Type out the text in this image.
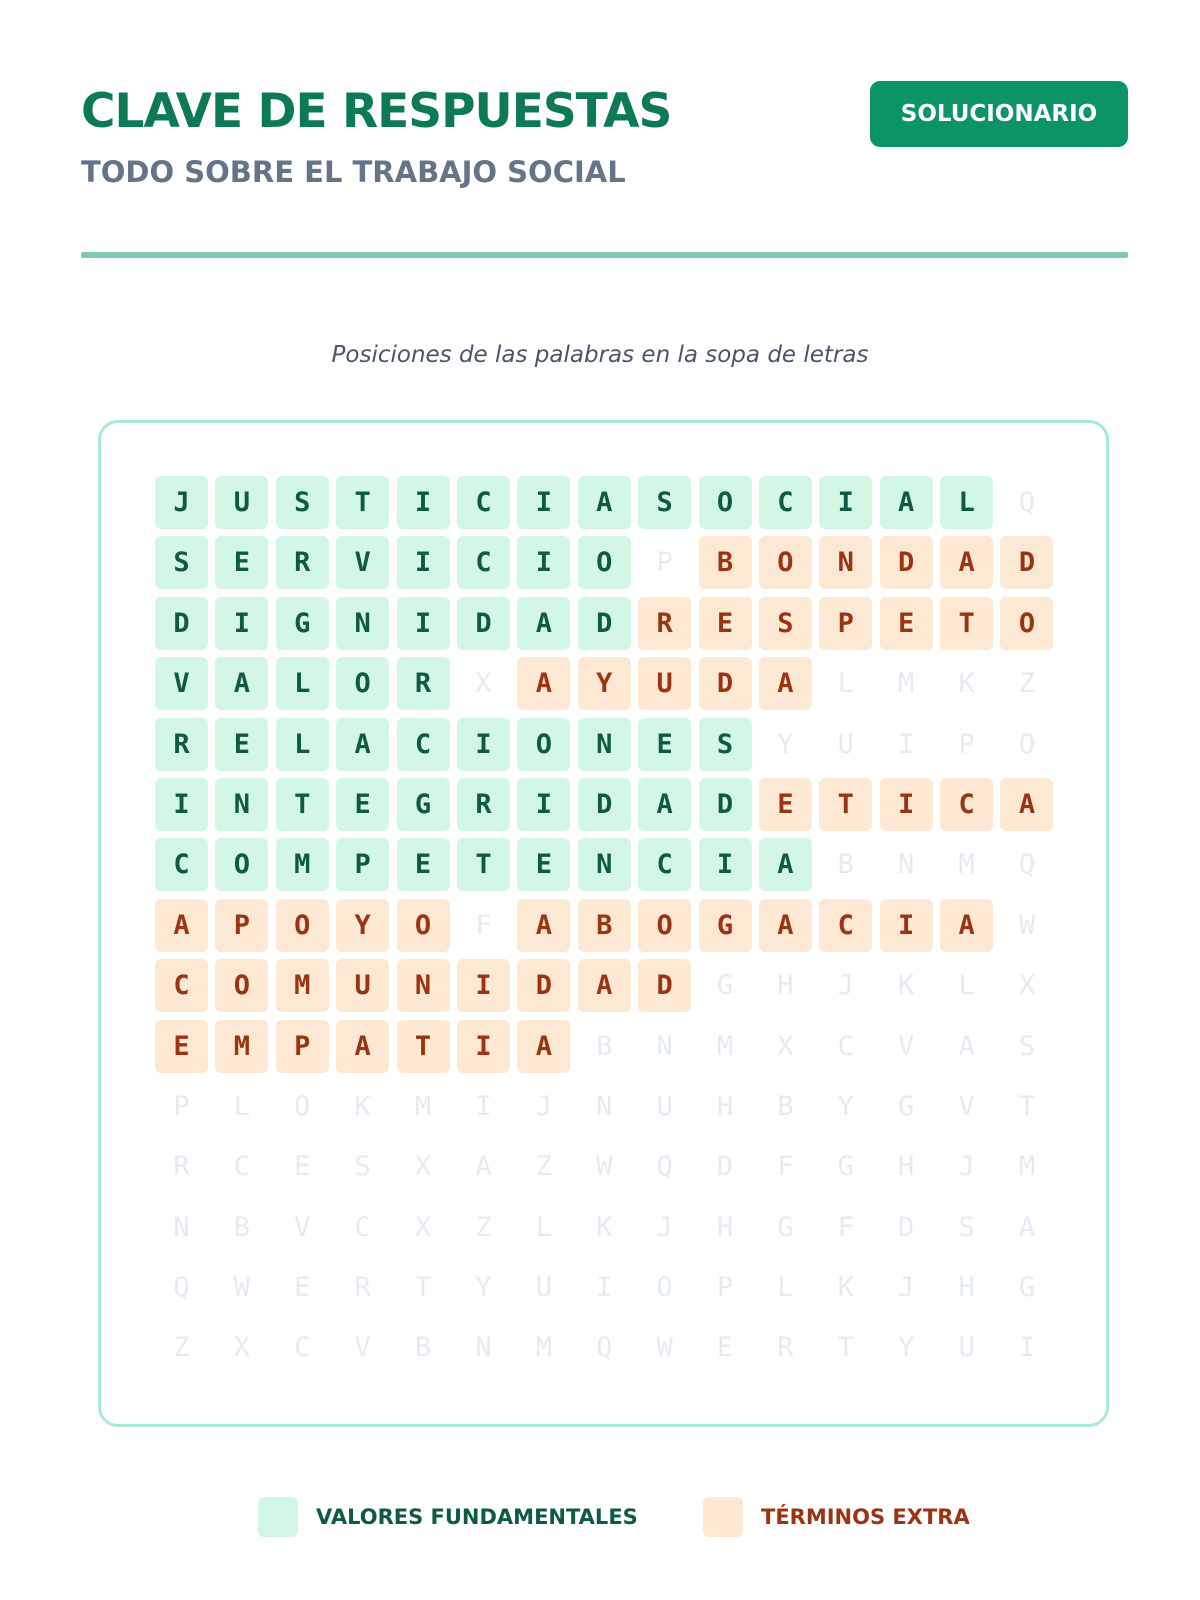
CLAVE DE RESPUESTAS
TODO SOBRE EL TRABAJO SOCIAL
SOLUCIONARIO
Posiciones de las palabras en la sopa de letras
J	U	S	T	I	C	I	A	S	O	C	I	A	L	Q
S	E	R	V	I	C	I	O	P	B	O	N	D	A	D
D	I	G	N	I	D	A	D	R	E	S	P	E	T	O
V	A	L	O	R	X	A	Y	U	D	A	L	M	K	Z
R	E	L	A	C	I	O	N	E	S	Y	U	I	P	O
I	N	T	E	G	R	I	D	A	D	E	T	I	C	A
C	O	M	P	E	T	E	N	C	I	A	B	N	M	Q
A	P	O	Y	O	F	A	B	O	G	A	C	I	A	W
C	O	M	U	N	I	D	A	D	G	H	J	K	L	X
E	M	P	A	T	I	A	B	N	M	X	C	V	A	S
P	L	O	K	M	I	J	N	U	H	B	Y	G	V	T
R	C	E	S	X	A	Z	W	Q	D	F	G	H	J	M
N	B	V	C	X	Z	L	K	J	H	G	F	D	S	A
Q	W	E	R	T	Y	U	I	O	P	L	K	J	H	G
Z	X	C	V	B	N	M	Q	W	E	R	T	Y	U	I
VALORES FUNDAMENTALES	TÉRMINOS EXTRA
